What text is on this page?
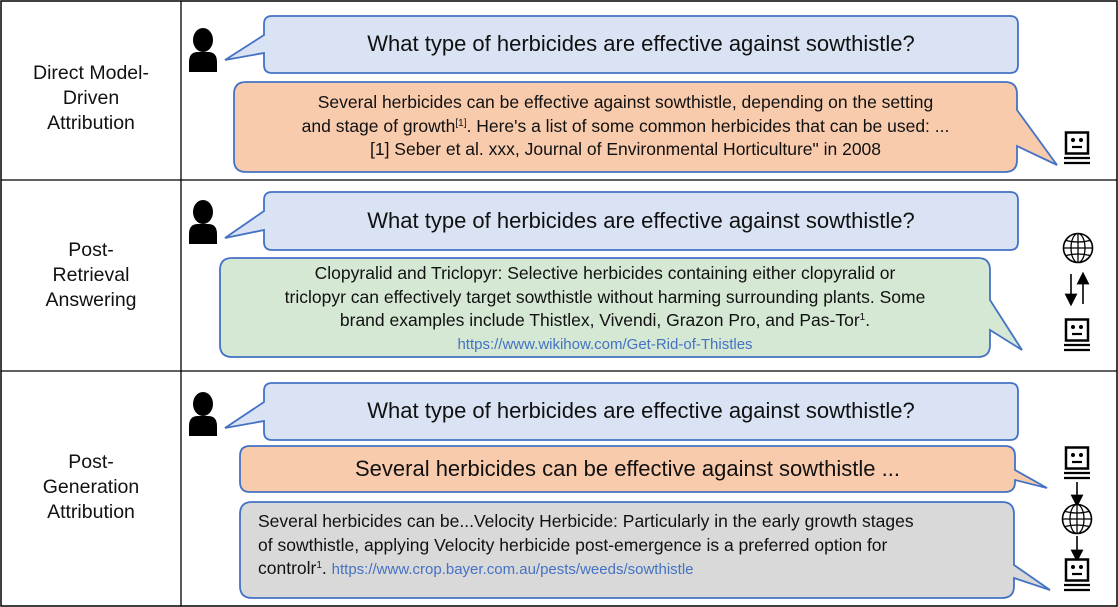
Direct Model-
Driven
Attribution
Post-
Retrieval
Answering
Post-
Generation
Attribution
What type of herbicides are effective against sowthistle?
Several herbicides can be effective against sowthistle, depending on the setting
and stage of growth[1]. Here's a list of some common herbicides that can be used: ...
[1] Seber et al. xxx, Journal of Environmental Horticulture" in 2008
What type of herbicides are effective against sowthistle?
Clopyralid and Triclopyr: Selective herbicides containing either clopyralid or
triclopyr can effectively target sowthistle without harming surrounding plants. Some
brand examples include Thistlex, Vivendi, Grazon Pro, and Pas-Tor$^1$.
https://www.wikihow.com/Get-Rid-of-Thistles
What type of herbicides are effective against sowthistle?
Several herbicides can be effective against sowthistle ...
Several herbicides can be...Velocity Herbicide: Particularly in the early growth stages
of sowthistle, applying Velocity herbicide post-emergence is a preferred option for
controlr$^1$. https://www.crop.bayer.com.au/pests/weeds/sowthistle
